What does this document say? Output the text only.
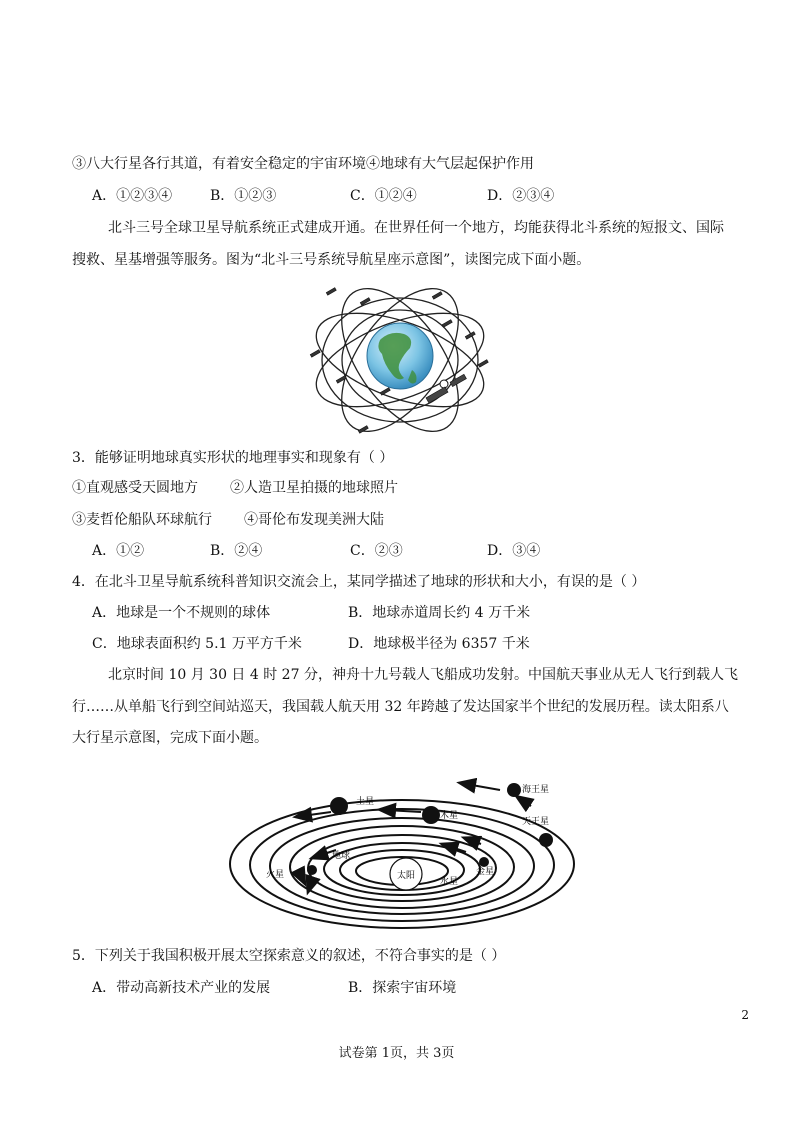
③八大行星各行其道，有着安全稳定的宇宙环境④地球有大气层起保护作用
A．①②③④	B．①②③	C．①②④	D．②③④
北斗三号全球卫星导航系统正式建成开通。在世界任何一个地方，均能获得北斗系统的短报文、国际
搜救、星基增强等服务。图为“北斗三号系统导航星座示意图”，读图完成下面小题。
3．能够证明地球真实形状的地理事实和现象有（ ）
①直观感受天圆地方 ②人造卫星拍摄的地球照片
③麦哲伦船队环球航行 ④哥伦布发现美洲大陆
A．①②	B．②④	C．②③	D．③④
4．在北斗卫星导航系统科普知识交流会上，某同学描述了地球的形状和大小，有误的是（ ）
A．地球是一个不规则的球体	B．地球赤道周长约 4 万千米
C．地球表面积约 5.1 万平方千米	D．地球极半径为 6357 千米
北京时间 10 月 30 日 4 时 27 分，神舟十九号载人飞船成功发射。中国航天事业从无人飞行到载人飞
行……从单船飞行到空间站巡天，我国载人航天用 32 年跨越了发达国家半个世纪的发展历程。读太阳系八
大行星示意图，完成下面小题。
太阳
水星
金星
地球
火星
木星
土星
天王星
海王星
5．下列关于我国积极开展太空探索意义的叙述，不符合事实的是（ ）
A．带动高新技术产业的发展	B．探索宇宙环境
2
试卷第 1页，共 3页
